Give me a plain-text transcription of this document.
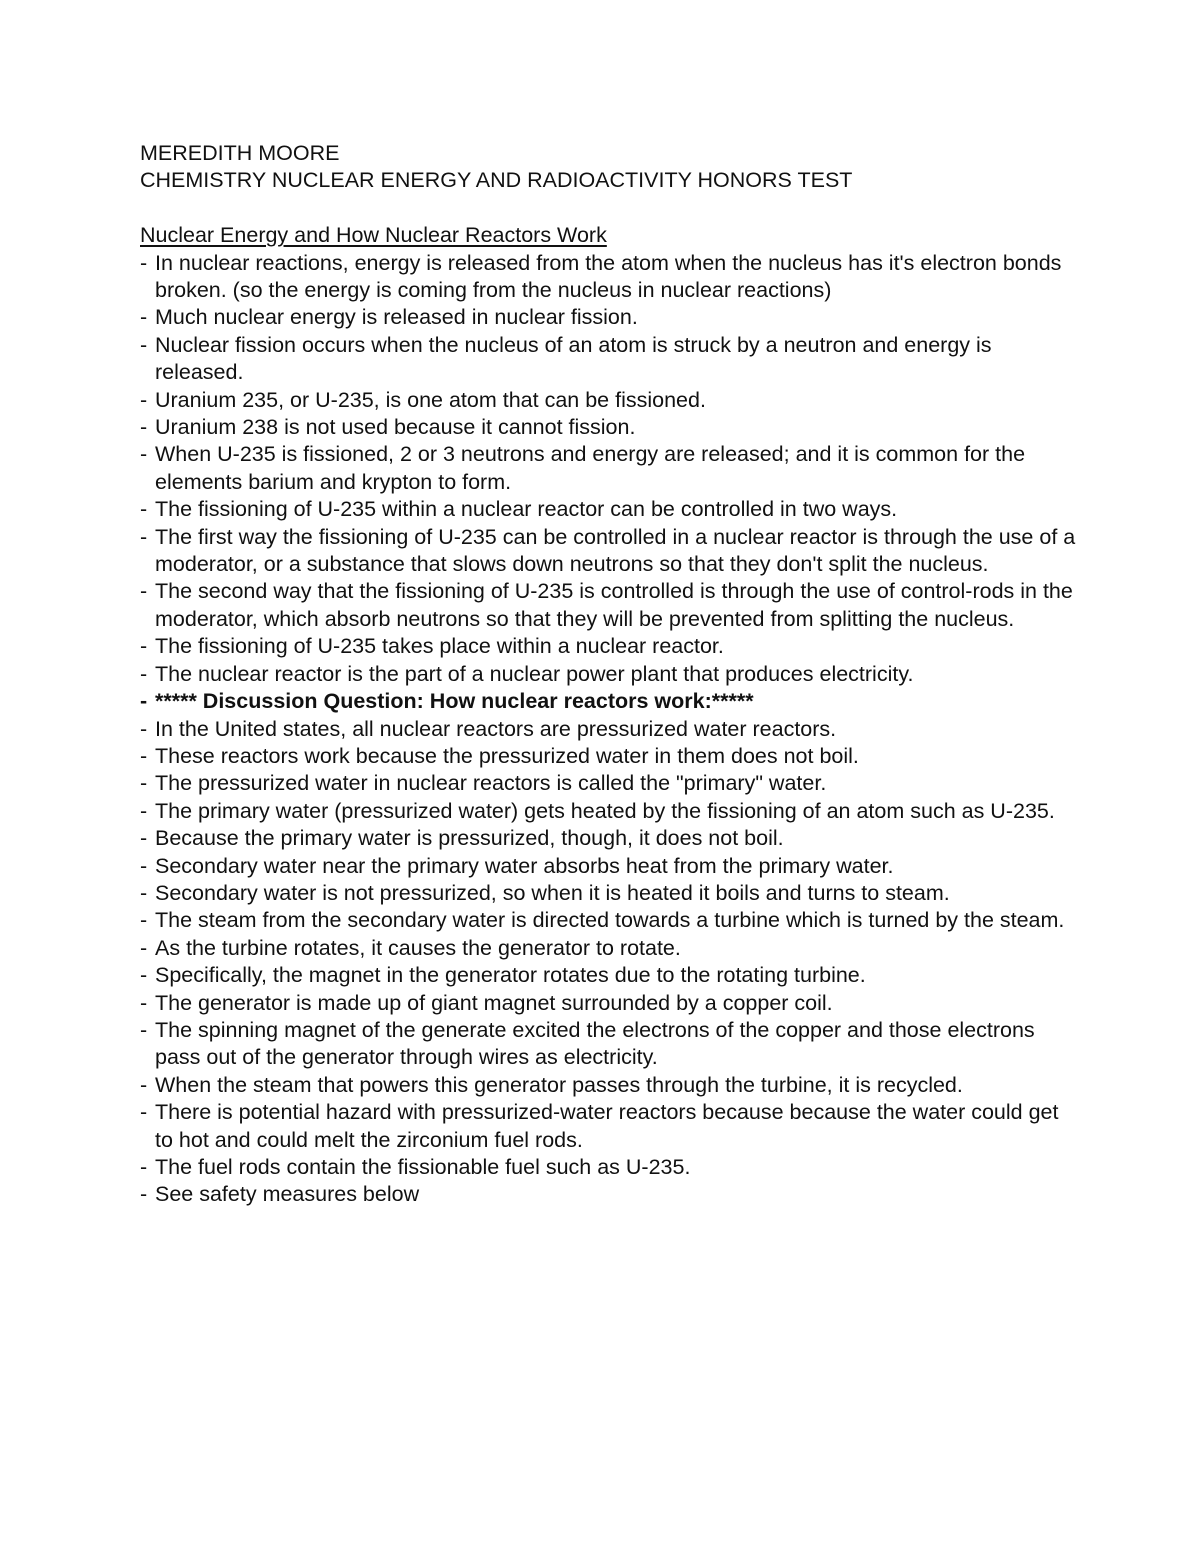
MEREDITH MOORE
CHEMISTRY NUCLEAR ENERGY AND RADIOACTIVITY HONORS TEST
Nuclear Energy and How Nuclear Reactors Work
- In nuclear reactions, energy is released from the atom when the nucleus has it's electron bonds broken. (so the energy is coming from the nucleus in nuclear reactions)
- Much nuclear energy is released in nuclear fission.
- Nuclear fission occurs when the nucleus of an atom is struck by a neutron and energy is released.
- Uranium 235, or U-235, is one atom that can be fissioned.
- Uranium 238 is not used because it cannot fission.
- When U-235 is fissioned, 2 or 3 neutrons and energy are released; and it is common for the elements barium and krypton to form.
- The fissioning of U-235 within a nuclear reactor can be controlled in two ways.
- The first way the fissioning of U-235 can be controlled in a nuclear reactor is through the use of a moderator, or a substance that slows down neutrons so that they don't split the nucleus.
- The second way that the fissioning of U-235 is controlled is through the use of control-rods in the moderator, which absorb neutrons so that they will be prevented from splitting the nucleus.
- The fissioning of U-235 takes place within a nuclear reactor.
- The nuclear reactor is the part of a nuclear power plant that produces electricity.
- ***** Discussion Question: How nuclear reactors work:*****
- In the United states, all nuclear reactors are pressurized water reactors.
- These reactors work because the pressurized water in them does not boil.
- The pressurized water in nuclear reactors is called the "primary" water.
- The primary water (pressurized water) gets heated by the fissioning of an atom such as U-235.
- Because the primary water is pressurized, though, it does not boil.
- Secondary water near the primary water absorbs heat from the primary water.
- Secondary water is not pressurized, so when it is heated it boils and turns to steam.
- The steam from the secondary water is directed towards a turbine which is turned by the steam.
- As the turbine rotates, it causes the generator to rotate.
- Specifically, the magnet in the generator rotates due to the rotating turbine.
- The generator is made up of giant magnet surrounded by a copper coil.
- The spinning magnet of the generate excited the electrons of the copper and those electrons pass out of the generator through wires as electricity.
- When the steam that powers this generator passes through the turbine, it is recycled.
- There is potential hazard with pressurized-water reactors because because the water could get to hot and could melt the zirconium fuel rods.
- The fuel rods contain the fissionable fuel such as U-235.
- See safety measures below
